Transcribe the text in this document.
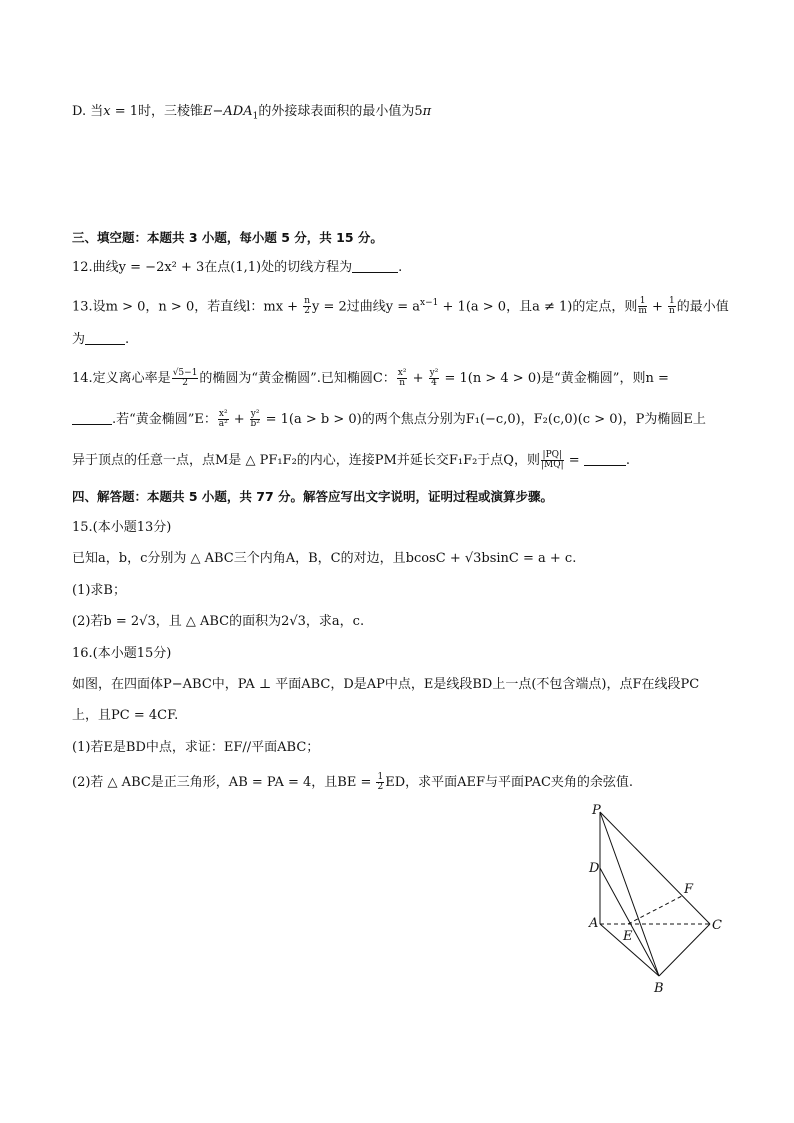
D. 当x = 1时，三棱锥$E-ADA_1$的外接球表面积的最小值为5π
三、填空题：本题共 3 小题，每小题 5 分，共 15 分。
12.曲线y = −2x² + 3在点(1,1)处的切线方程为	.
13.设m > 0，n > 0，若直线l：mx + $\frac{n}{2}$ y = 2过曲线$y = a^{x-1} + 1(a > 0$，且a ≠ 1)的定点，则 $\frac{1}{m} + \frac{1}{n}$ 的最小值
为	.
14.定义离心率是 $\frac{√5-1}{2}$ 的椭圆为“黄金椭圆”.已知椭圆C： $\frac{\text{x²}}{n} + \frac{\text{y²}}{4} = 1(n > 4 > 0)$是“黄金椭圆”，则n =
.若“黄金椭圆”E： $\frac{\text{x²}}{\text{a²}} + \frac{\text{y²}}{\text{b²}} = 1(a > b > 0)$的两个焦点分别为F₁(−c,0)，F₂(c,0)(c > 0)，P为椭圆E上
异于顶点的任意一点，点M是 △ PF₁F₂的内心，连接PM并延长交F₁F₂于点Q，则 $\frac{|PQ|}{|MQ|}$ =	.
四、解答题：本题共 5 小题，共 77 分。解答应写出文字说明，证明过程或演算步骤。
15.(本小题13分)
已知a，b，c分别为 △ ABC三个内角A，B，C的对边，且bcosC + √3bsinC = a + c.
(1)求B；
(2)若b = 2√3，且 △ ABC的面积为2√3，求a，c.
16.(本小题15分)
如图，在四面体P−ABC中，PA ⊥ 平面ABC，D是AP中点，E是线段BD上一点(不包含端点)，点F在线段PC
上，且PC = 4CF.
(1)若E是BD中点，求证：EF//平面ABC；
(2)若 △ ABC是正三角形，AB = PA = 4，且BE = $\frac{1}{2}$ ED，求平面AEF与平面PAC夹角的余弦值.
P
D
F
A
E
C
B
